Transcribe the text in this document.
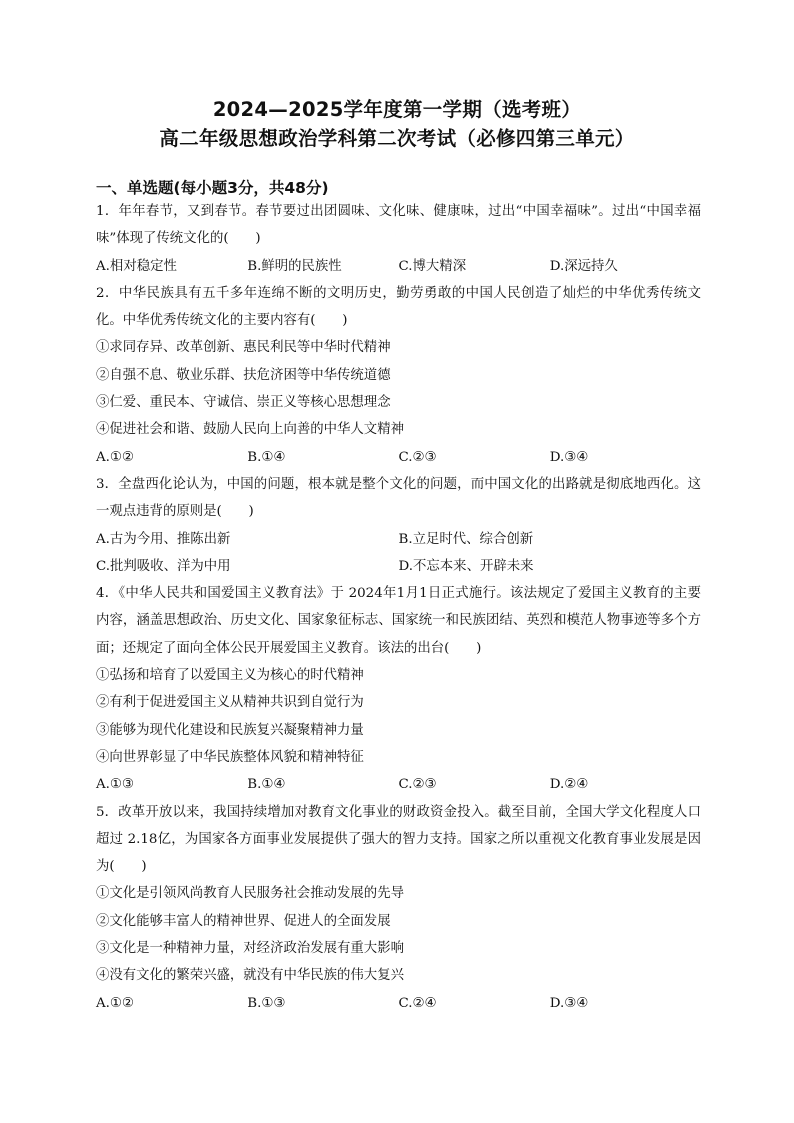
2024—2025学年度第一学期（选考班）
高二年级思想政治学科第二次考试（必修四第三单元）
一、单选题(每小题3分，共48分)

1．年年春节，又到春节。春节要过出团圆味、文化味、健康味，过出“中国幸福味”。过出“中国幸福味”体现了传统文化的(　　)

A.相对稳定性	B.鲜明的民族性	C.博大精深	D.深远持久

2．中华民族具有五千多年连绵不断的文明历史，勤劳勇敢的中国人民创造了灿烂的中华优秀传统文化。中华优秀传统文化的主要内容有(　　)

①求同存异、改革创新、惠民利民等中华时代精神

②自强不息、敬业乐群、扶危济困等中华传统道德

③仁爱、重民本、守诚信、崇正义等核心思想理念

④促进社会和谐、鼓励人民向上向善的中华人文精神

A.①②	B.①④	C.②③	D.③④

3．全盘西化论认为，中国的问题，根本就是整个文化的问题，而中国文化的出路就是彻底地西化。这一观点违背的原则是(　　)

A.古为今用、推陈出新	B.立足时代、综合创新
C.批判吸收、洋为中用	D.不忘本来、开辟未来

4．《中华人民共和国爱国主义教育法》于 2024年1月1日正式施行。该法规定了爱国主义教育的主要内容，涵盖思想政治、历史文化、国家象征标志、国家统一和民族团结、英烈和模范人物事迹等多个方面；还规定了面向全体公民开展爱国主义教育。该法的出台(　　)

①弘扬和培育了以爱国主义为核心的时代精神

②有利于促进爱国主义从精神共识到自觉行为

③能够为现代化建设和民族复兴凝聚精神力量

④向世界彰显了中华民族整体风貌和精神特征

A.①③	B.①④	C.②③	D.②④

5．改革开放以来，我国持续增加对教育文化事业的财政资金投入。截至目前，全国大学文化程度人口超过 2.18亿，为国家各方面事业发展提供了强大的智力支持。国家之所以重视文化教育事业发展是因为(　　)

①文化是引领风尚教育人民服务社会推动发展的先导

②文化能够丰富人的精神世界、促进人的全面发展

③文化是一种精神力量，对经济政治发展有重大影响

④没有文化的繁荣兴盛，就没有中华民族的伟大复兴

A.①②	B.①③	C.②④	D.③④
